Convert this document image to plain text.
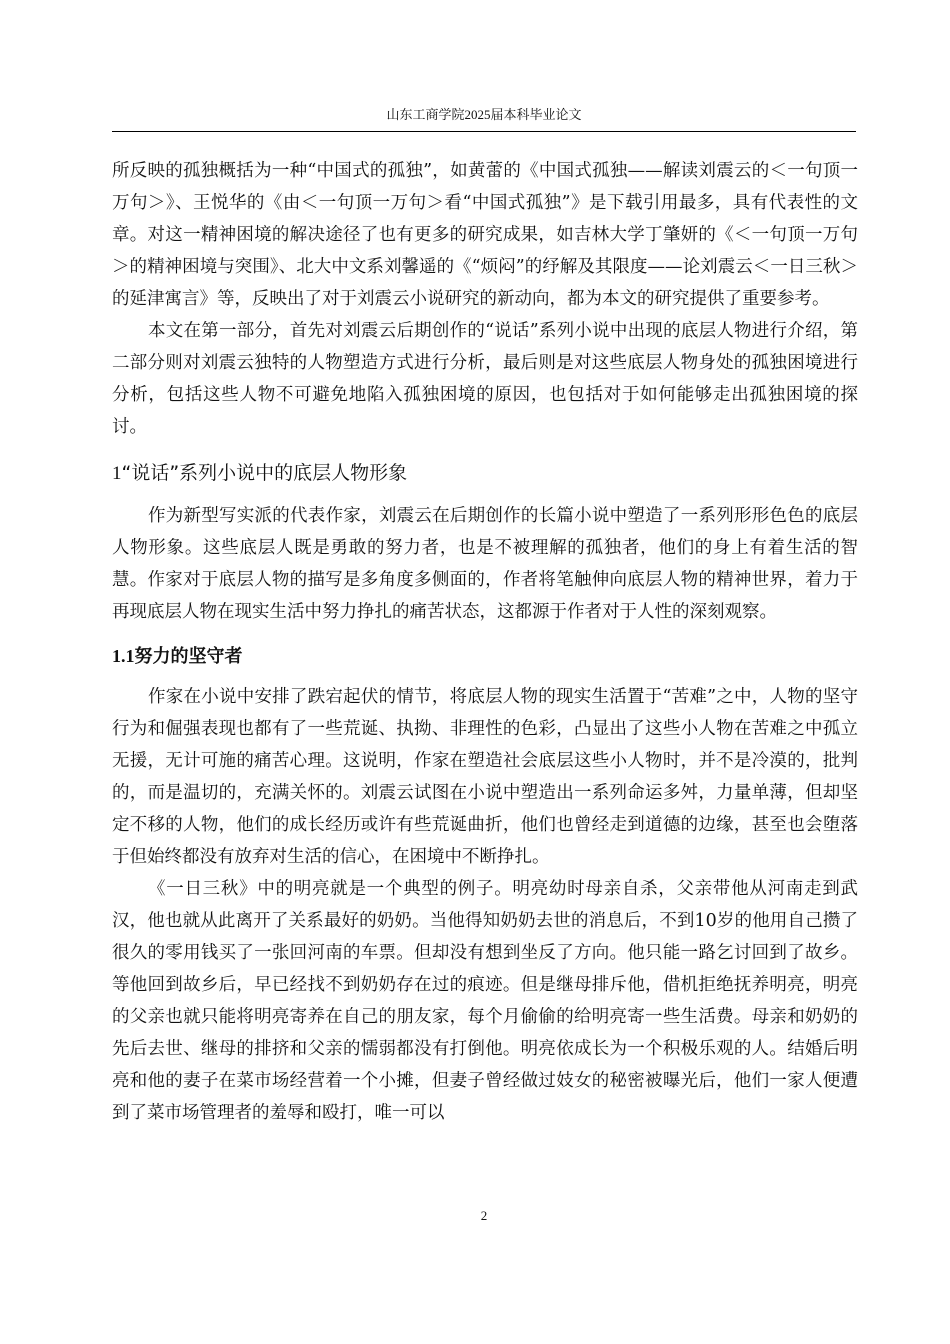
山东工商学院2025届本科毕业论文

所反映的孤独概括为一种“中国式的孤独”，如黄蕾的《中国式孤独——解读刘震云的＜一句顶一万句＞》、王悦华的《由＜一句顶一万句＞看“中国式孤独”》是下载引用最多，具有代表性的文章。对这一精神困境的解决途径了也有更多的研究成果，如吉林大学丁肇妍的《＜一句顶一万句＞的精神困境与突围》、北大中文系刘馨遥的《“烦闷”的纾解及其限度——论刘震云＜一日三秋＞的延津寓言》等，反映出了对于刘震云小说研究的新动向，都为本文的研究提供了重要参考。

本文在第一部分，首先对刘震云后期创作的“说话”系列小说中出现的底层人物进行介绍，第二部分则对刘震云独特的人物塑造方式进行分析，最后则是对这些底层人物身处的孤独困境进行分析，包括这些人物不可避免地陷入孤独困境的原因，也包括对于如何能够走出孤独困境的探讨。

1“说话”系列小说中的底层人物形象

作为新型写实派的代表作家，刘震云在后期创作的长篇小说中塑造了一系列形形色色的底层人物形象。这些底层人既是勇敢的努力者，也是不被理解的孤独者，他们的身上有着生活的智慧。作家对于底层人物的描写是多角度多侧面的，作者将笔触伸向底层人物的精神世界，着力于再现底层人物在现实生活中努力挣扎的痛苦状态，这都源于作者对于人性的深刻观察。

1.1努力的坚守者

作家在小说中安排了跌宕起伏的情节，将底层人物的现实生活置于“苦难”之中，人物的坚守行为和倔强表现也都有了一些荒诞、执拗、非理性的色彩，凸显出了这些小人物在苦难之中孤立无援，无计可施的痛苦心理。这说明，作家在塑造社会底层这些小人物时，并不是冷漠的，批判的，而是温切的，充满关怀的。刘震云试图在小说中塑造出一系列命运多舛，力量单薄，但却坚定不移的人物，他们的成长经历或许有些荒诞曲折，他们也曾经走到道德的边缘，甚至也会堕落于但始终都没有放弃对生活的信心，在困境中不断挣扎。

《一日三秋》中的明亮就是一个典型的例子。明亮幼时母亲自杀，父亲带他从河南走到武汉，他也就从此离开了关系最好的奶奶。当他得知奶奶去世的消息后，不到10岁的他用自己攒了很久的零用钱买了一张回河南的车票。但却没有想到坐反了方向。他只能一路乞讨回到了故乡。等他回到故乡后，早已经找不到奶奶存在过的痕迹。但是继母排斥他，借机拒绝抚养明亮，明亮的父亲也就只能将明亮寄养在自己的朋友家，每个月偷偷的给明亮寄一些生活费。母亲和奶奶的先后去世、继母的排挤和父亲的懦弱都没有打倒他。明亮依成长为一个积极乐观的人。结婚后明亮和他的妻子在菜市场经营着一个小摊，但妻子曾经做过妓女的秘密被曝光后，他们一家人便遭到了菜市场管理者的羞辱和殴打，唯一可以

2
